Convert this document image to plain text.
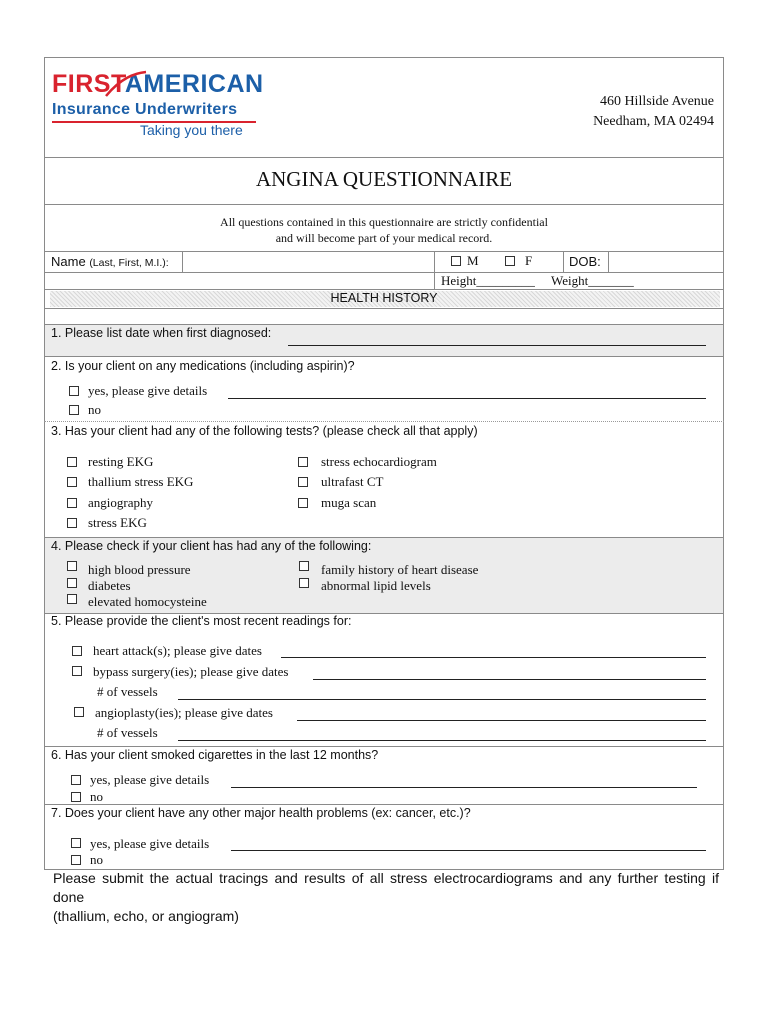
FIRSTAMERICAN
Insurance Underwriters
Taking you there
460 Hillside Avenue
Needham, MA 02494
ANGINA QUESTIONNAIRE
All questions contained in this questionnaire are strictly confidential
and will become part of your medical record.
Name (Last, First, M.I.):	M	F	DOB:
Height_________ Weight_______
HEALTH HISTORY
1. Please list date when first diagnosed:
2. Is your client on any medications (including aspirin)?
yes, please give details
no
3. Has your client had any of the following tests? (please check all that apply)
resting EKG
thallium stress EKG
angiography
stress EKG
stress echocardiogram
ultrafast CT
muga scan
4. Please check if your client has had any of the following:
high blood pressure
diabetes
elevated homocysteine
family history of heart disease
abnormal lipid levels
5. Please provide the client's most recent readings for:
heart attack(s); please give dates
bypass surgery(ies); please give dates
# of vessels
angioplasty(ies); please give dates
# of vessels
6. Has your client smoked cigarettes in the last 12 months?
yes, please give details
no
7. Does your client have any other major health problems (ex: cancer, etc.)?
yes, please give details
no
Please submit the actual tracings and results of all stress electrocardiograms and any further testing if
done
(thallium, echo, or angiogram)
